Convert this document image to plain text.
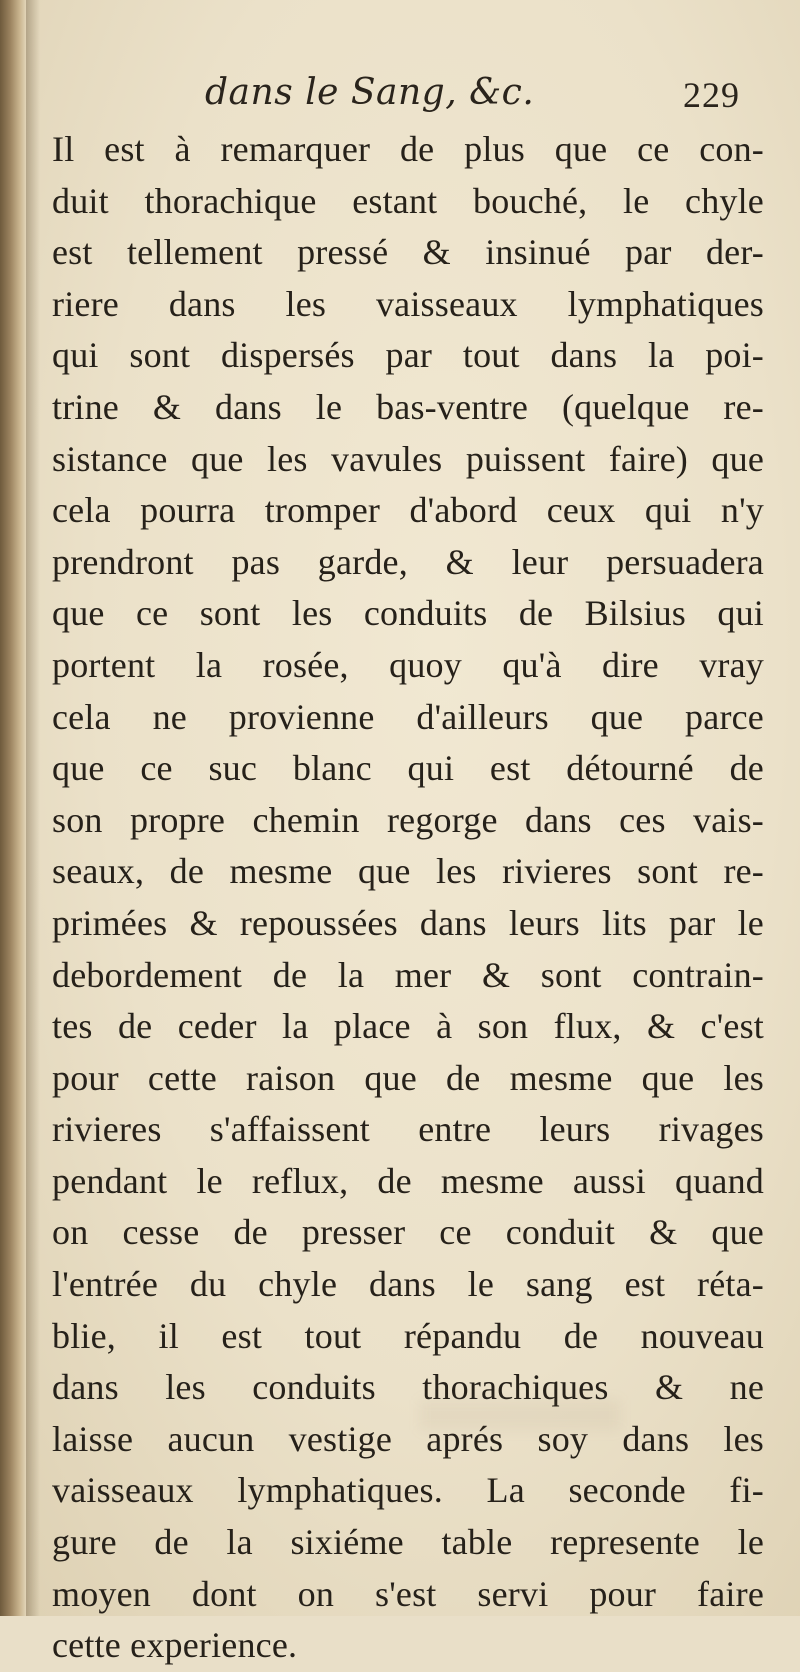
dans le Sang, &c.	229
Il est à remarquer de plus que ce con-
duit thorachique estant bouché, le chyle
est tellement pressé & insinué par der-
riere dans les vaisseaux lymphatiques
qui sont dispersés par tout dans la poi-
trine & dans le bas-ventre (quelque re-
sistance que les vavules puissent faire) que
cela pourra tromper d'abord ceux qui n'y
prendront pas garde, & leur persuadera
que ce sont les conduits de Bilsius qui
portent la rosée, quoy qu'à dire vray
cela ne provienne d'ailleurs que parce
que ce suc blanc qui est détourné de
son propre chemin regorge dans ces vais-
seaux, de mesme que les rivieres sont re-
primées & repoussées dans leurs lits par le
debordement de la mer & sont contrain-
tes de ceder la place à son flux, & c'est
pour cette raison que de mesme que les
rivieres s'affaissent entre leurs rivages
pendant le reflux, de mesme aussi quand
on cesse de presser ce conduit & que
l'entrée du chyle dans le sang est réta-
blie, il est tout répandu de nouveau
dans les conduits thorachiques & ne
laisse aucun vestige aprés soy dans les
vaisseaux lymphatiques. La seconde fi-
gure de la sixiéme table represente le
moyen dont on s'est servi pour faire
cette experience.
